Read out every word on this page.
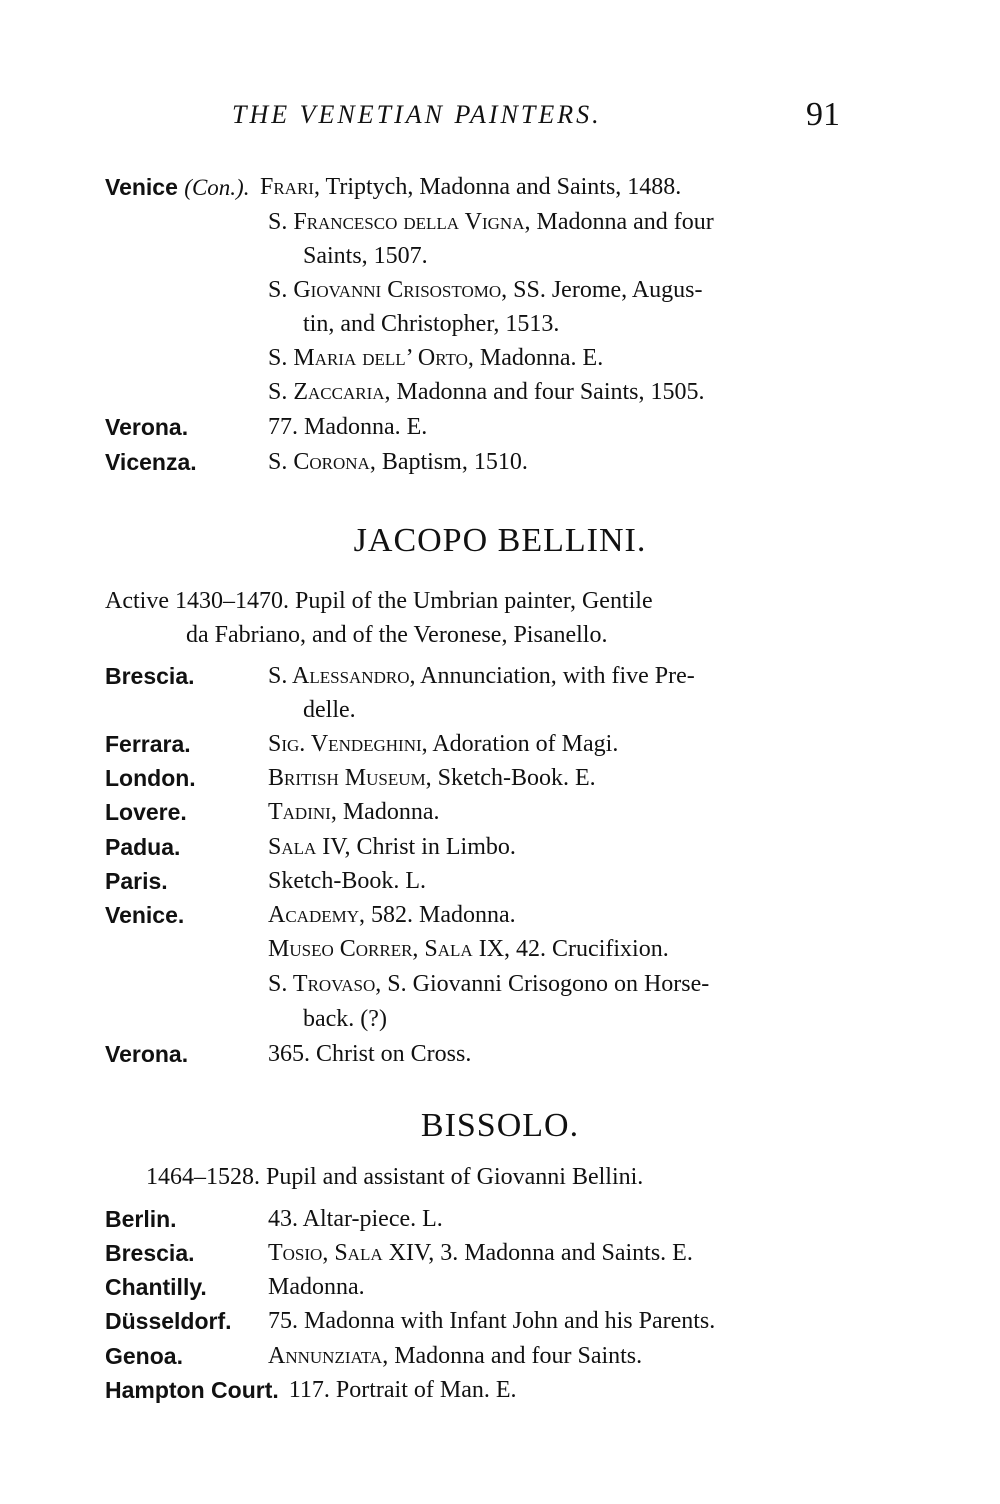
THE VENETIAN PAINTERS.	91
Venice (Con.). Frari, Triptych, Madonna and Saints, 1488.
S. Francesco della Vigna, Madonna and four
Saints, 1507.
S. Giovanni Crisostomo, SS. Jerome, Augus-
tin, and Christopher, 1513.
S. Maria dell’ Orto, Madonna. E.
S. Zaccaria, Madonna and four Saints, 1505.
Verona.	77. Madonna. E.
Vicenza.	S. Corona, Baptism, 1510.
JACOPO BELLINI.
Active 1430–1470. Pupil of the Umbrian painter, Gentile
da Fabriano, and of the Veronese, Pisanello.
Brescia.	S. Alessandro, Annunciation, with five Pre-
delle.
Ferrara.	Sig. Vendeghini, Adoration of Magi.
London.	British Museum, Sketch-Book. E.
Lovere.	Tadini, Madonna.
Padua.	Sala IV, Christ in Limbo.
Paris.	Sketch-Book. L.
Venice.	Academy, 582. Madonna.
Museo Correr, Sala IX, 42. Crucifixion.
S. Trovaso, S. Giovanni Crisogono on Horse-
back. (?)
Verona.	365. Christ on Cross.
BISSOLO.
1464–1528. Pupil and assistant of Giovanni Bellini.
Berlin.	43. Altar-piece. L.
Brescia.	Tosio, Sala XIV, 3. Madonna and Saints. E.
Chantilly.	Madonna.
Düsseldorf. 75. Madonna with Infant John and his Parents.
Genoa.	Annunziata, Madonna and four Saints.
Hampton Court. 117. Portrait of Man. E.
